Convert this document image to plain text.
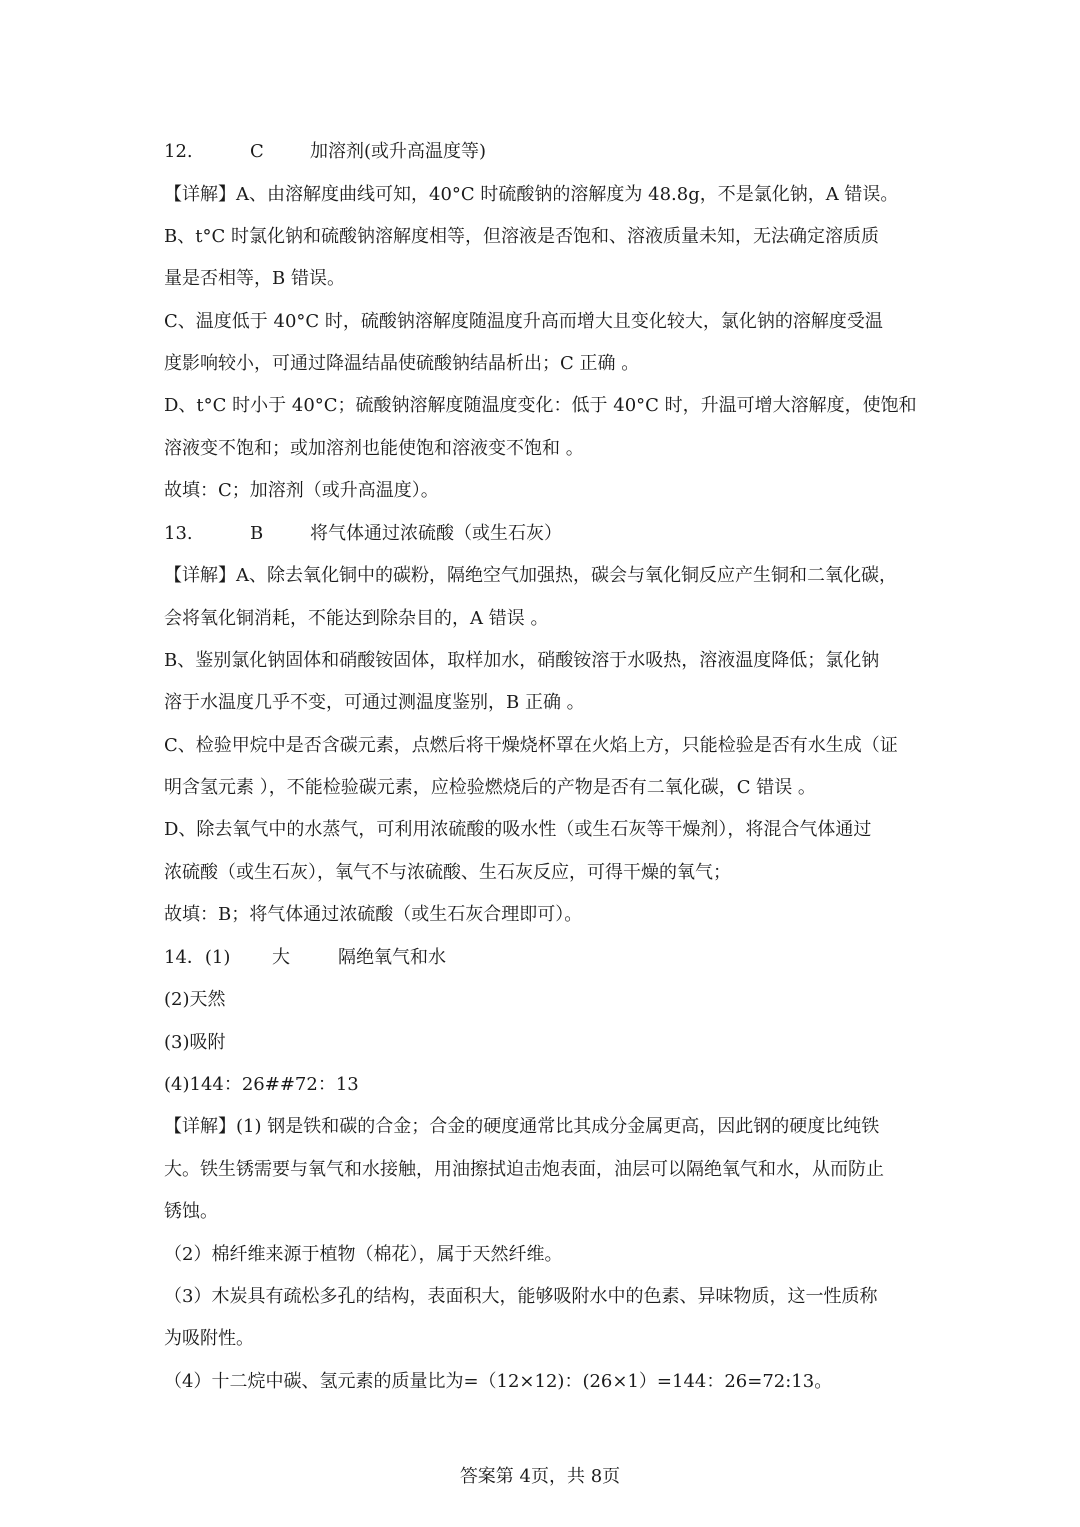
12.	C	加溶剂(或升高温度等)
【详解】A、由溶解度曲线可知，40°C 时硫酸钠的溶解度为 48.8g，不是氯化钠，A 错误。
B、t°C 时氯化钠和硫酸钠溶解度相等，但溶液是否饱和、溶液质量未知，无法确定溶质质
量是否相等，B 错误。
C、温度低于 40°C 时，硫酸钠溶解度随温度升高而增大且变化较大，氯化钠的溶解度受温
度影响较小，可通过降温结晶使硫酸钠结晶析出；C 正确 。
D、t°C 时小于 40°C；硫酸钠溶解度随温度变化：低于 40°C 时，升温可增大溶解度，使饱和
溶液变不饱和；或加溶剂也能使饱和溶液变不饱和 。
故填：C；加溶剂（或升高温度）。
13.	B	将气体通过浓硫酸（或生石灰）
【详解】A、除去氧化铜中的碳粉，隔绝空气加强热，碳会与氧化铜反应产生铜和二氧化碳，
会将氧化铜消耗，不能达到除杂目的，A 错误 。
B、鉴别氯化钠固体和硝酸铵固体，取样加水，硝酸铵溶于水吸热，溶液温度降低；氯化钠
溶于水温度几乎不变，可通过测温度鉴别，B 正确 。
C、检验甲烷中是否含碳元素，点燃后将干燥烧杯罩在火焰上方，只能检验是否有水生成（证
明含氢元素 ），不能检验碳元素，应检验燃烧后的产物是否有二氧化碳，C 错误 。
D、除去氧气中的水蒸气，可利用浓硫酸的吸水性（或生石灰等干燥剂），将混合气体通过
浓硫酸（或生石灰），氧气不与浓硫酸、生石灰反应，可得干燥的氧气；
故填：B；将气体通过浓硫酸（或生石灰合理即可）。
14．(1) 大	隔绝氧气和水
(2)天然
(3)吸附
(4)144：26##72：13
【详解】(1) 钢是铁和碳的合金；合金的硬度通常比其成分金属更高，因此钢的硬度比纯铁
大。铁生锈需要与氧气和水接触，用油擦拭迫击炮表面，油层可以隔绝氧气和水，从而防止
锈蚀。
（2）棉纤维来源于植物（棉花），属于天然纤维。
（3）木炭具有疏松多孔的结构，表面积大，能够吸附水中的色素、异味物质，这一性质称
为吸附性。
（4）十二烷中碳、氢元素的质量比为=（12×12)：(26×1）=144：26=72:13。
答案第 4页，共 8页
